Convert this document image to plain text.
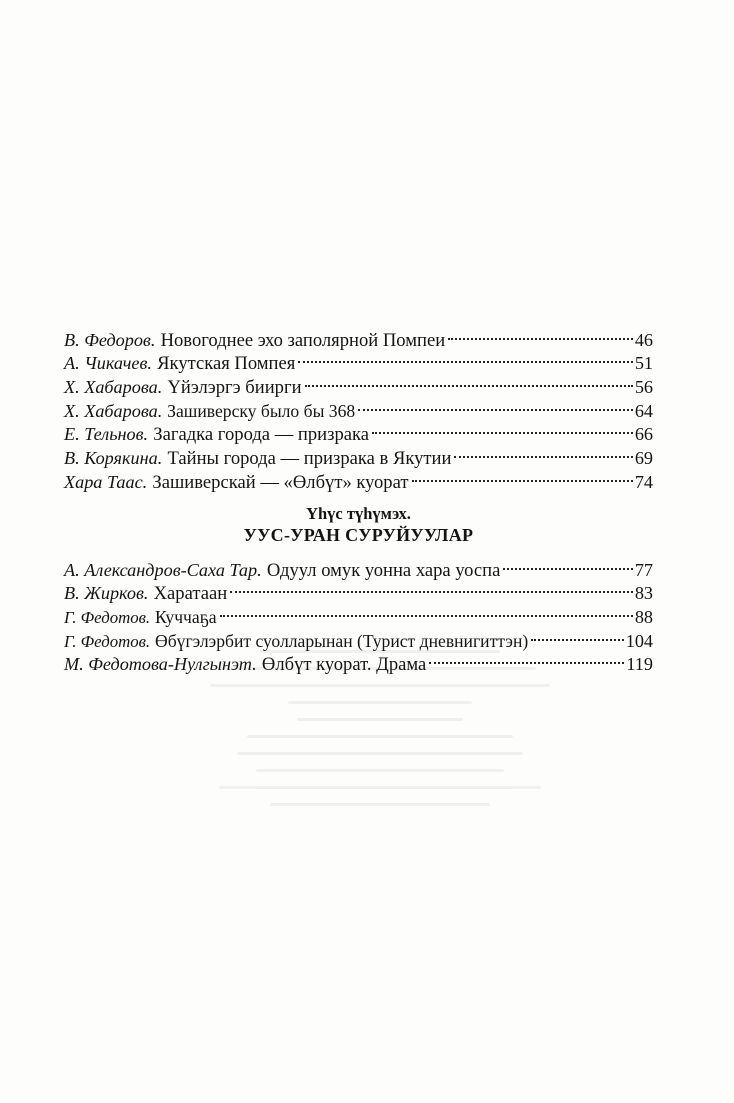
В. Федоров. Новогоднее эхо заполярной Помпеи	46
А. Чикачев. Якутская Помпея	51
Х. Хабарова. Үйэлэргэ биирги	56
Х. Хабарова. Зашиверску было бы 368	64
Е. Тельнов. Загадка города — призрака	66
В. Корякина. Тайны города — призрака в Якутии	69
Хара Таас. Зашиверскай — «Өлбүт» куорат	74
Үһүс түһүмэх.
УУС-УРАН СУРУЙУУЛАР
А. Александров-Саха Тар. Одуул омук уонна хара уоспа	77
В. Жирков. Харатаан	83
Г. Федотов. Куччаҕа	88
Г. Федотов. Өбүгэлэрбит суолларынан (Турист дневнигиттэн)	104
М. Федотова-Нулгынэт. Өлбүт куорат. Драма	119
